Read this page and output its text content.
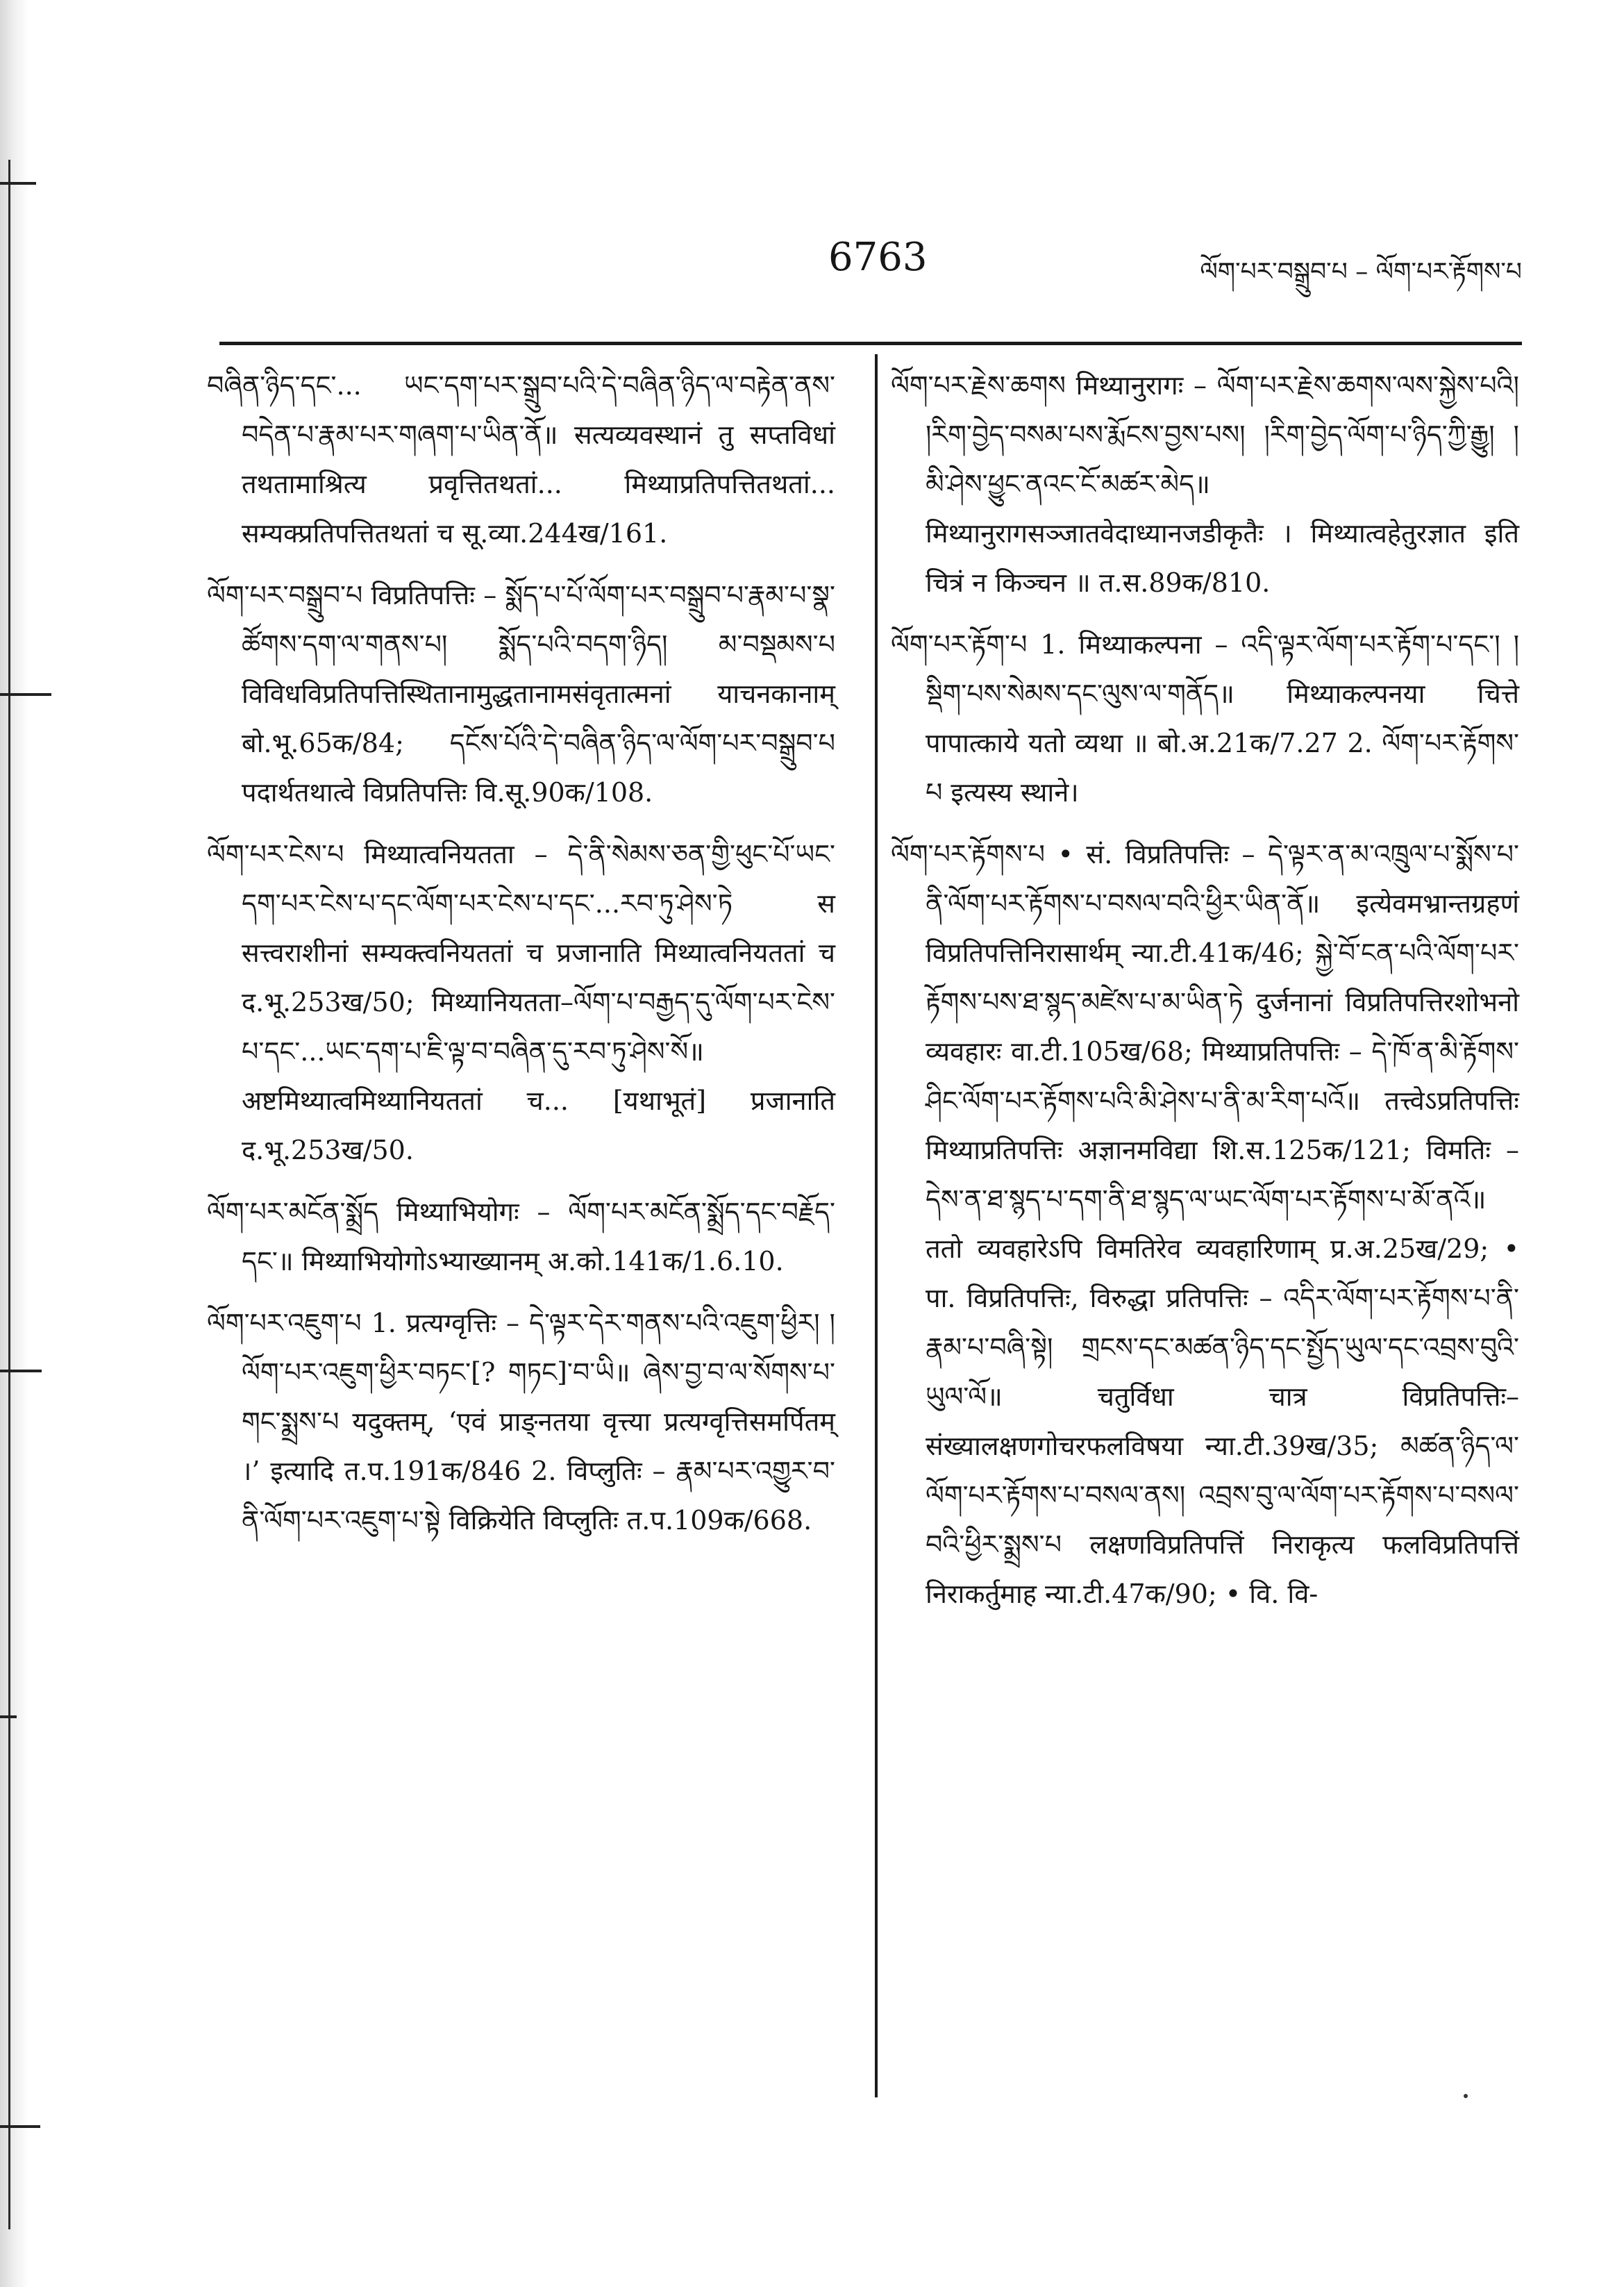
6763	ལོག་པར་བསྒྲུབ་པ – ལོག་པར་རྟོགས་པ

བཞིན་ཉིད་དང་... ཡང་དག་པར་སྒྲུབ་པའི་དེ་བཞིན་ཉིད་ལ་བརྟེན་ནས་བདེན་པ་རྣམ་པར་གཞག་པ་ཡིན་ནོ॥ सत्यव्यवस्थानं तु सप्तविधां तथतामाश्रित्य प्रवृत्तितथतां... मिथ्याप्रतिपत्तितथतां... सम्यक्प्रतिपत्तितथतां च सू.व्या.244ख/161.

ལོག་པར་བསྒྲུབ་པ विप्रतिपत्तिः – སྨོད་པ་པོ་ལོག་པར་བསྒྲུབ་པ་རྣམ་པ་སྣ་ཚོགས་དག་ལ་གནས་པ། སྨོད་པའི་བདག་ཉིད། མ་བསྡམས་པ विविधविप्रतिपत्तिस्थितानामुद्धतानामसंवृतात्मनां याचनकानाम् बो.भू.65क/84; དངོས་པོའི་དེ་བཞིན་ཉིད་ལ་ལོག་པར་བསྒྲུབ་པ पदार्थतथात्वे विप्रतिपत्तिः वि.सू.90क/108.

ལོག་པར་ངེས་པ मिथ्यात्वनियतता – དེ་ནི་སེམས་ཅན་གྱི་ཕུང་པོ་ཡང་དག་པར་ངེས་པ་དང་ལོག་པར་ངེས་པ་དང་...རབ་ཏུ་ཤེས་ཏེ स सत्त्वराशीनां सम्यक्त्वनियततां च प्रजानाति मिथ्यात्वनियततां च द.भू.253ख/50; मिथ्यानियतता–ལོག་པ་བརྒྱད་དུ་ལོག་པར་ངེས་པ་དང་...ཡང་དག་པ་ཇི་ལྟ་བ་བཞིན་དུ་རབ་ཏུ་ཤེས་སོ॥ अष्टमिथ्यात्वमिथ्यानियततां च... [यथाभूतं] प्रजानाति द.भू.253ख/50.

ལོག་པར་མངོན་སྨྲོད मिथ्याभियोगः – ལོག་པར་མངོན་སྨྲོད་དང་བརྗོད་དང་॥ मिथ्याभियोगोऽभ्याख्यानम् अ.को.141क/1.6.10.

ལོག་པར་འཇུག་པ 1. प्रत्यग्वृत्तिः – དེ་ལྟར་དེར་གནས་པའི་འཇུག་ཕྱིར། །ལོག་པར་འཇུག་ཕྱིར་བཏང་[? གཏང]་བ་ཡི॥ ཞེས་བྱ་བ་ལ་སོགས་པ་གང་སྨྲས་པ यदुक्तम्, ‘एवं प्राङ्नतया वृत्त्या प्रत्यग्वृत्तिसमर्पितम् ।’ इत्यादि त.प.191क/846 2. विप्लुतिः – རྣམ་པར་འགྱུར་བ་ནི་ལོག་པར་འཇུག་པ་སྟེ विक्रियेति विप्लुतिः त.प.109क/668.

ལོག་པར་རྗེས་ཆགས मिथ्यानुरागः – ལོག་པར་རྗེས་ཆགས་ལས་སྐྱེས་པའི། །རིག་བྱེད་བསམ་པས་རྨོངས་བྱས་པས། །རིག་བྱེད་ལོག་པ་ཉིད་ཀྱི་རྒྱུ། །མི་ཤེས་ཕྱུང་ནའང་ངོ་མཚར་མེད॥ मिथ्यानुरागसञ्जातवेदाध्यानजडीकृतैः । मिथ्यात्वहेतुरज्ञात इति चित्रं न किञ्चन ॥ त.स.89क/810.

ལོག་པར་རྟོག་པ 1. मिथ्याकल्पना – འདི་ལྟར་ལོག་པར་རྟོག་པ་དང་། །སྡིག་པས་སེམས་དང་ལུས་ལ་གནོད॥ मिथ्याकल्पनया चित्ते पापात्काये यतो व्यथा ॥ बो.अ.21क/7.27 2. ལོག་པར་རྟོགས་པ इत्यस्य स्थाने।

ལོག་པར་རྟོགས་པ • सं. विप्रतिपत्तिः – དེ་ལྟར་ན་མ་འཁྲུལ་པ་སྨོས་པ་ནི་ལོག་པར་རྟོགས་པ་བསལ་བའི་ཕྱིར་ཡིན་ནོ॥ इत्येवमभ्रान्तग्रहणं विप्रतिपत्तिनिरासार्थम् न्या.टी.41क/46; སྐྱེ་བོ་ངན་པའི་ལོག་པར་རྟོགས་པས་ཐ་སྙད་མཛེས་པ་མ་ཡིན་ཏེ दुर्जनानां विप्रतिपत्तिरशोभनो व्यवहारः वा.टी.105ख/68; मिथ्याप्रतिपत्तिः – དེ་ཁོ་ན་མི་རྟོགས་ཤིང་ལོག་པར་རྟོགས་པའི་མི་ཤེས་པ་ནི་མ་རིག་པའོ॥ तत्त्वेऽप्रतिपत्तिः मिथ्याप्रतिपत्तिः अज्ञानमविद्या शि.स.125क/121; विमतिः – དེས་ན་ཐ་སྙད་པ་དག་ནི་ཐ་སྙད་ལ་ཡང་ལོག་པར་རྟོགས་པ་མོ་ནའོ॥ ततो व्यवहारेऽपि विमतिरेव व्यवहारिणाम् प्र.अ.25ख/29; • पा. विप्रतिपत्तिः, विरुद्धा प्रतिपत्तिः – འདིར་ལོག་པར་རྟོགས་པ་ནི་རྣམ་པ་བཞི་སྟེ། གྲངས་དང་མཚན་ཉིད་དང་སྤྱོད་ཡུལ་དང་འབྲས་བུའི་ཡུལ་ལོ॥ चतुर्विधा चात्र विप्रतिपत्तिः– संख्यालक्षणगोचरफलविषया न्या.टी.39ख/35; མཚན་ཉིད་ལ་ལོག་པར་རྟོགས་པ་བསལ་ནས། འབྲས་བུ་ལ་ལོག་པར་རྟོགས་པ་བསལ་བའི་ཕྱིར་སྨྲས་པ लक्षणविप्रतिपत्तिं निराकृत्य फलविप्रतिपत्तिं निराकर्तुमाह न्या.टी.47क/90; • वि. वि-
